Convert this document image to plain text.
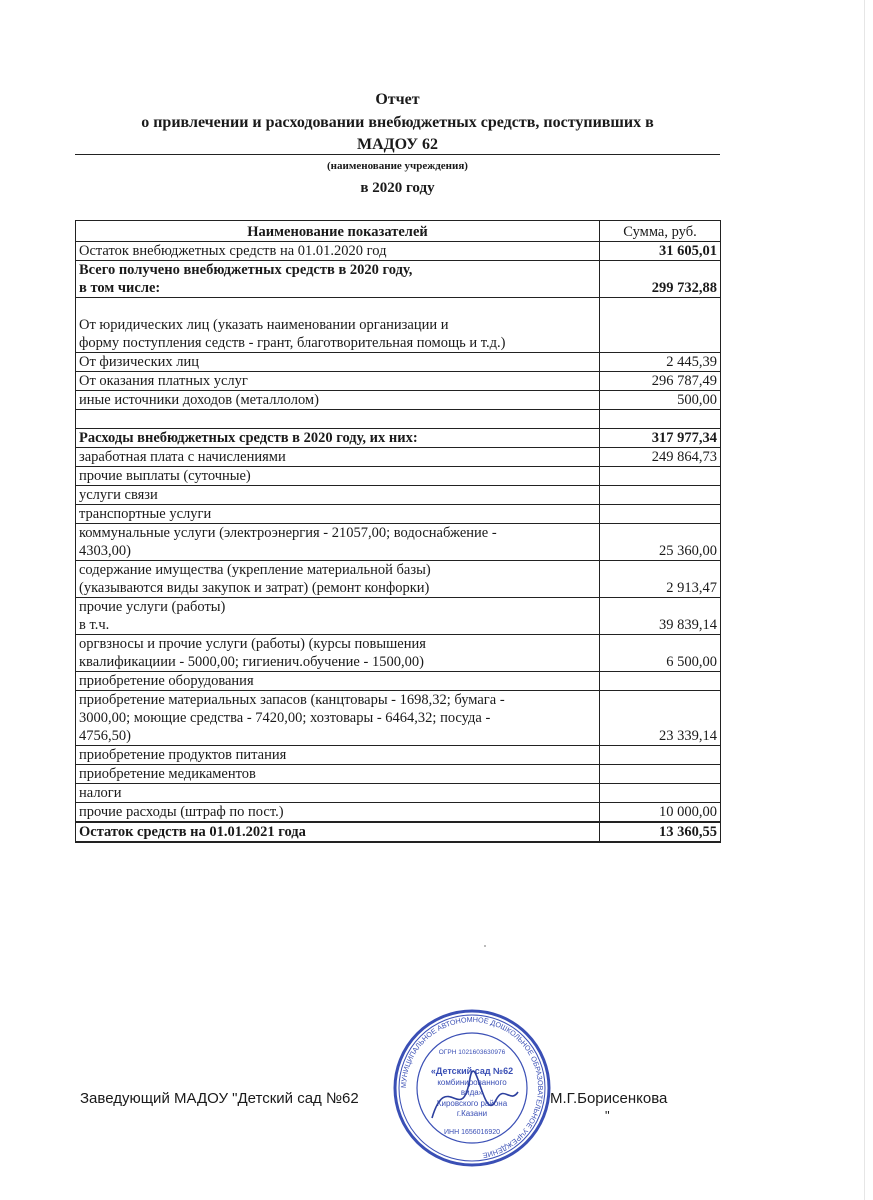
Отчет
о привлечении и расходовании внебюджетных средств, поступивших в
МАДОУ 62
(наименование учреждения)
в 2020 году
Наименование показателей	Сумма, руб.
Остаток внебюджетных средств на 01.01.2020 год	31 605,01
Всего получено внебюджетных средств в 2020 году,
в том числе:	299 732,88
От юридических лиц (указать наименовании организации и
форму поступления седств - грант, благотворительная помощь и т.д.)	
От физических лиц	2 445,39
От оказания платных услуг	296 787,49
иные источники доходов (металлолом)	500,00

Расходы внебюджетных средств в 2020 году, их них:	317 977,34
заработная плата с начислениями	249 864,73
прочие выплаты (суточные)	
услуги связи	
транспортные услуги	
коммунальные услуги (электроэнергия - 21057,00; водоснабжение -
4303,00)	25 360,00
содержание имущества (укрепление материальной базы)
(указываются виды закупок и затрат) (ремонт конфорки)	2 913,47
прочие услуги (работы)
в т.ч.	39 839,14
оргвзносы и прочие услуги (работы) (курсы повышения
квалификациии - 5000,00; гигиенич.обучение - 1500,00)	6 500,00
приобретение оборудования	
приобретение материальных запасов (канцтовары - 1698,32; бумага -
3000,00; моющие средства - 7420,00; хозтовары - 6464,32; посуда -
4756,50)	23 339,14
приобретение продуктов питания	
приобретение медикаментов	
налоги	
прочие расходы (штраф по пост.)	10 000,00
Остаток средств на 01.01.2021 года	13 360,55
Заведующий МАДОУ "Детский сад №62	М.Г.Борисенкова
"
МУНИЦИПАЛЬНОЕ АВТОНОМНОЕ ДОШКОЛЬНОЕ ОБРАЗОВАТЕЛЬНОЕ УЧРЕЖДЕНИЕ
ОГРН 1021603630976
«Детский сад №62
комбинированного
вида»
Кировского района
г.Казани
ИНН 1656016920
